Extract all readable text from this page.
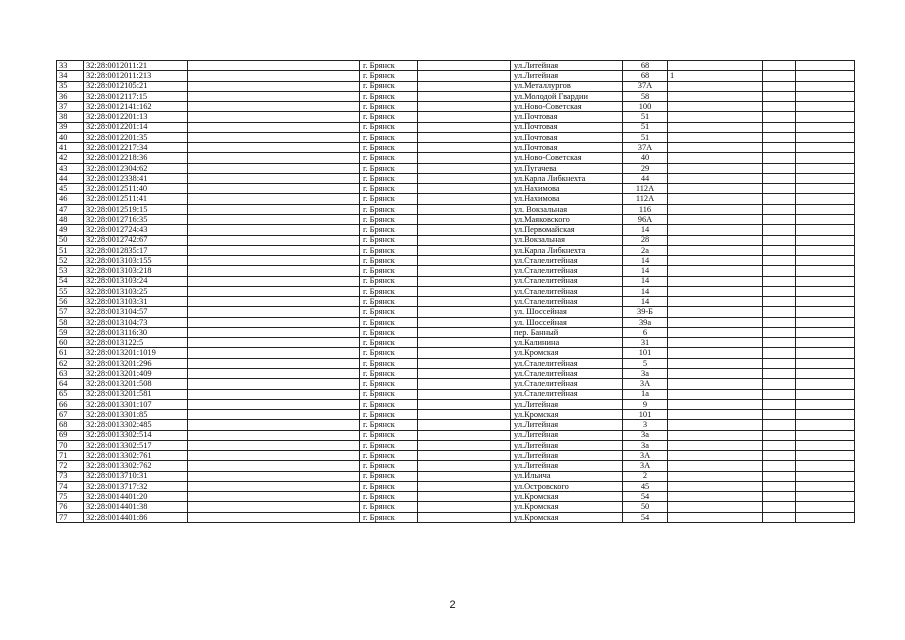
33	32:28:0012011:21		г. Брянск		ул.Литейная	68			
34	32:28:0012011:213		г. Брянск		ул.Литейная	68	1		
35	32:28:0012105:21		г. Брянск		ул.Металлургов	37А			
36	32:28:0012117:15		г. Брянск		ул.Молодой Гвардии	58			
37	32:28:0012141:162		г. Брянск		ул.Ново-Советская	100			
38	32:28:0012201:13		г. Брянск		ул.Почтовая	51			
39	32:28:0012201:14		г. Брянск		ул.Почтовая	51			
40	32:28:0012201:35		г. Брянск		ул.Почтовая	51			
41	32:28:0012217:34		г. Брянск		ул.Почтовая	37А			
42	32:28:0012218:36		г. Брянск		ул.Ново-Советская	40			
43	32:28:0012304:62		г. Брянск		ул.Пугачева	29			
44	32:28:0012338:41		г. Брянск		ул.Карла Либкнехта	44			
45	32:28:0012511:40		г. Брянск		ул.Нахимова	112А			
46	32:28:0012511:41		г. Брянск		ул.Нахимова	112А			
47	32:28:0012519:15		г. Брянск		ул. Вокзальная	116			
48	32:28:0012716:35		г. Брянск		ул.Маяковского	96А			
49	32:28:0012724:43		г. Брянск		ул.Первомайская	14			
50	32:28:0012742:67		г. Брянск		ул.Вокзальная	28			
51	32:28:0012835:17		г. Брянск		ул.Карла Либкнехта	2а			
52	32:28:0013103:155		г. Брянск		ул.Сталелитейная	14			
53	32:28:0013103:218		г. Брянск		ул.Сталелитейная	14			
54	32:28:0013103:24		г. Брянск		ул.Сталелитейная	14			
55	32:28:0013103:25		г. Брянск		ул.Сталелитейная	14			
56	32:28:0013103:31		г. Брянск		ул.Сталелитейная	14			
57	32:28:0013104:57		г. Брянск		ул. Шоссейная	39-Б			
58	32:28:0013104:73		г. Брянск		ул. Шоссейная	39а			
59	32:28:0013116:30		г. Брянск		пер. Банный	6			
60	32:28:0013122:5		г. Брянск		ул.Калинина	31			
61	32:28:0013201:1019		г. Брянск		ул.Кромская	101			
62	32:28:0013201:296		г. Брянск		ул.Сталелитейная	5			
63	32:28:0013201:409		г. Брянск		ул.Сталелитейная	3а			
64	32:28:0013201:508		г. Брянск		ул.Сталелитейная	3А			
65	32:28:0013201:581		г. Брянск		ул.Сталелитейная	1а			
66	32:28:0013301:107		г. Брянск		ул.Литейная	9			
67	32:28:0013301:85		г. Брянск		ул.Кромская	101			
68	32:28:0013302:485		г. Брянск		ул.Литейная	3			
69	32:28:0013302:514		г. Брянск		ул.Литейная	3а			
70	32:28:0013302:517		г. Брянск		ул.Литейная	3а			
71	32:28:0013302:761		г. Брянск		ул.Литейная	3А			
72	32:28:0013302:762		г. Брянск		ул.Литейная	3А			
73	32:28:0013710:31		г. Брянск		ул.Ильича	2			
74	32:28:0013717:32		г. Брянск		ул.Островского	45			
75	32:28:0014401:20		г. Брянск		ул.Кромская	54			
76	32:28:0014401:38		г. Брянск		ул.Кромская	50			
77	32:28:0014401:86		г. Брянск		ул.Кромская	54			
2
